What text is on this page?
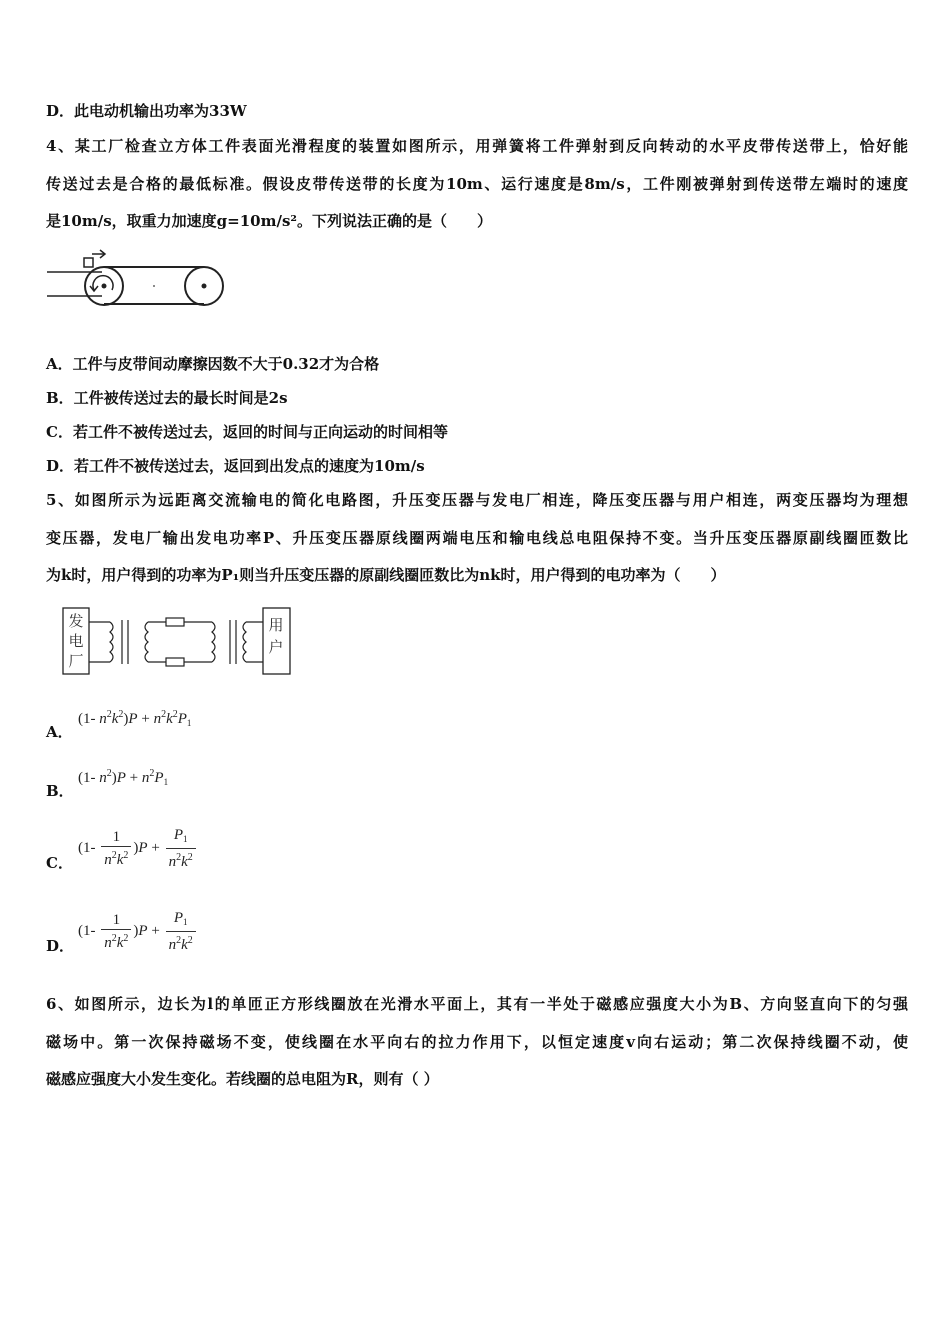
D．此电动机输出功率为33W
4、某工厂检查立方体工件表面光滑程度的装置如图所示，用弹簧将工件弹射到反向转动的水平皮带传送带上，恰好能
传送过去是合格的最低标准。假设皮带传送带的长度为10m、运行速度是8m/s，工件刚被弹射到传送带左端时的速度
是10m/s，取重力加速度g=10m/s²。下列说法正确的是（　　）
A．工件与皮带间动摩擦因数不大于0.32才为合格
B．工件被传送过去的最长时间是2s
C．若工件不被传送过去，返回的时间与正向运动的时间相等
D．若工件不被传送过去，返回到出发点的速度为10m/s
5、如图所示为远距离交流输电的简化电路图，升压变压器与发电厂相连，降压变压器与用户相连，两变压器均为理想
变压器，发电厂输出发电功率P、升压变压器原线圈两端电压和输电线总电阻保持不变。当升压变压器原副线圈匝数比
为k时，用户得到的功率为P₁则当升压变压器的原副线圈匝数比为nk时，用户得到的电功率为（　　）
发
电
厂
用
户
A．
(1- $n^2k^2)P + n^2k^2P_1$
B．
(1- $n^2)P + n^2P_1$
C．
$(1- \frac{1}{n^2k^2} )P + \frac{P_1}{n^2k^2}$
D．
$(1- \frac{1}{n^2k^2} )P + \frac{P_1}{n^2k^2}$
6、如图所示，边长为l的单匝正方形线圈放在光滑水平面上，其有一半处于磁感应强度大小为B、方向竖直向下的匀强
磁场中。第一次保持磁场不变，使线圈在水平向右的拉力作用下，以恒定速度v向右运动；第二次保持线圈不动，使
磁感应强度大小发生变化。若线圈的总电阻为R，则有（ ）
